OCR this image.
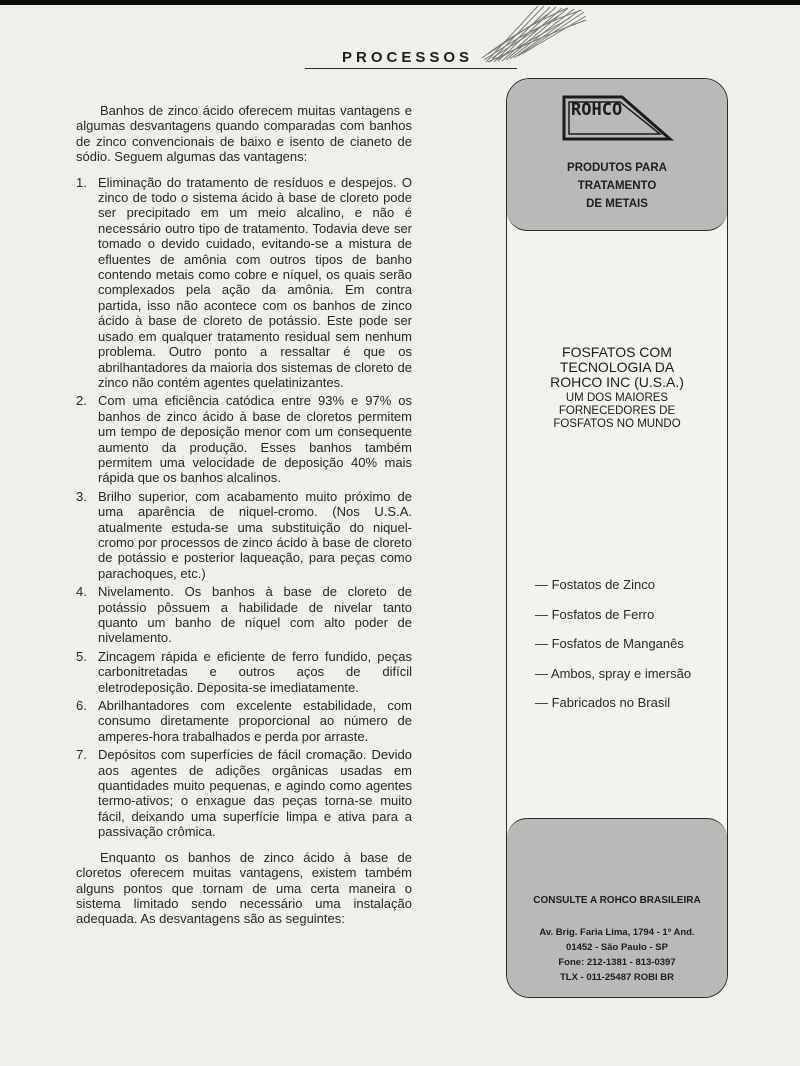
PROCESSOS

Banhos de zinco ácido oferecem muitas vantagens e algumas desvantagens quando comparadas com banhos de zinco convencionais de baixo e isento de cianeto de sódio. Seguem algumas das vantagens:

1. Eliminação do tratamento de resíduos e despejos. O zinco de todo o sistema ácido à base de cloreto pode ser precipitado em um meio alcalino, e não é necessário outro tipo de tratamento. Todavia deve ser tomado o devido cuidado, evitando-se a mistura de efluentes de amônia com outros tipos de banho contendo metais como cobre e níquel, os quais serão complexados pela ação da amônia. Em contra partida, isso não acontece com os banhos de zinco ácido à base de cloreto de potássio. Este pode ser usado em qualquer tratamento residual sem nenhum problema. Outro ponto a ressaltar é que os abrilhantadores da maioria dos sistemas de cloreto de zinco não contém agentes quelatinizantes.
2. Com uma eficiência catódica entre 93% e 97% os banhos de zinco ácido à base de cloretos permitem um tempo de deposição menor com um consequente aumento da produção. Esses banhos também permitem uma velocidade de deposição 40% mais rápida que os banhos alcalinos.
3. Brilho superior, com acabamento muito próximo de uma aparência de niquel-cromo. (Nos U.S.A. atualmente estuda-se uma substituição do niquel-cromo por processos de zinco ácido à base de cloreto de potássio e posterior laqueação, para peças como parachoques, etc.)
4. Nivelamento. Os banhos à base de cloreto de potássio pôssuem a habilidade de nivelar tanto quanto um banho de níquel com alto poder de nivelamento.
5. Zincagem rápida e eficiente de ferro fundido, peças carbonitretadas e outros aços de difícil eletrodeposição. Deposita-se imediatamente.
6. Abrilhantadores com excelente estabilidade, com consumo diretamente proporcional ao número de amperes-hora trabalhados e perda por arraste.
7. Depósitos com superfícies de fácil cromação. Devido aos agentes de adições orgânicas usadas em quantidades muito pequenas, e agindo como agentes termo-ativos; o enxague das peças torna-se muito fácil, deixando uma superfície limpa e ativa para a passivação crômica.

Enquanto os banhos de zinco ácido à base de cloretos oferecem muitas vantagens, existem também alguns pontos que tornam de uma certa maneira o sistema limitado sendo necessário uma instalação adequada. As desvantagens são as seguintes:

ROHCO
PRODUTOS PARA
TRATAMENTO
DE METAIS
FOSFATOS COM
TECNOLOGIA DA
ROHCO INC (U.S.A.)
UM DOS MAIORES
FORNECEDORES DE
FOSFATOS NO MUNDO
— Fostatos de Zinco
— Fosfatos de Ferro
— Fosfatos de Manganês
— Ambos, spray e imersão
— Fabricados no Brasil
CONSULTE A ROHCO BRASILEIRA
Av. Brig. Faria Lima, 1794 - 1º And.
01452 - São Paulo - SP
Fone: 212-1381 - 813-0397
TLX - 011-25487 ROBI BR
